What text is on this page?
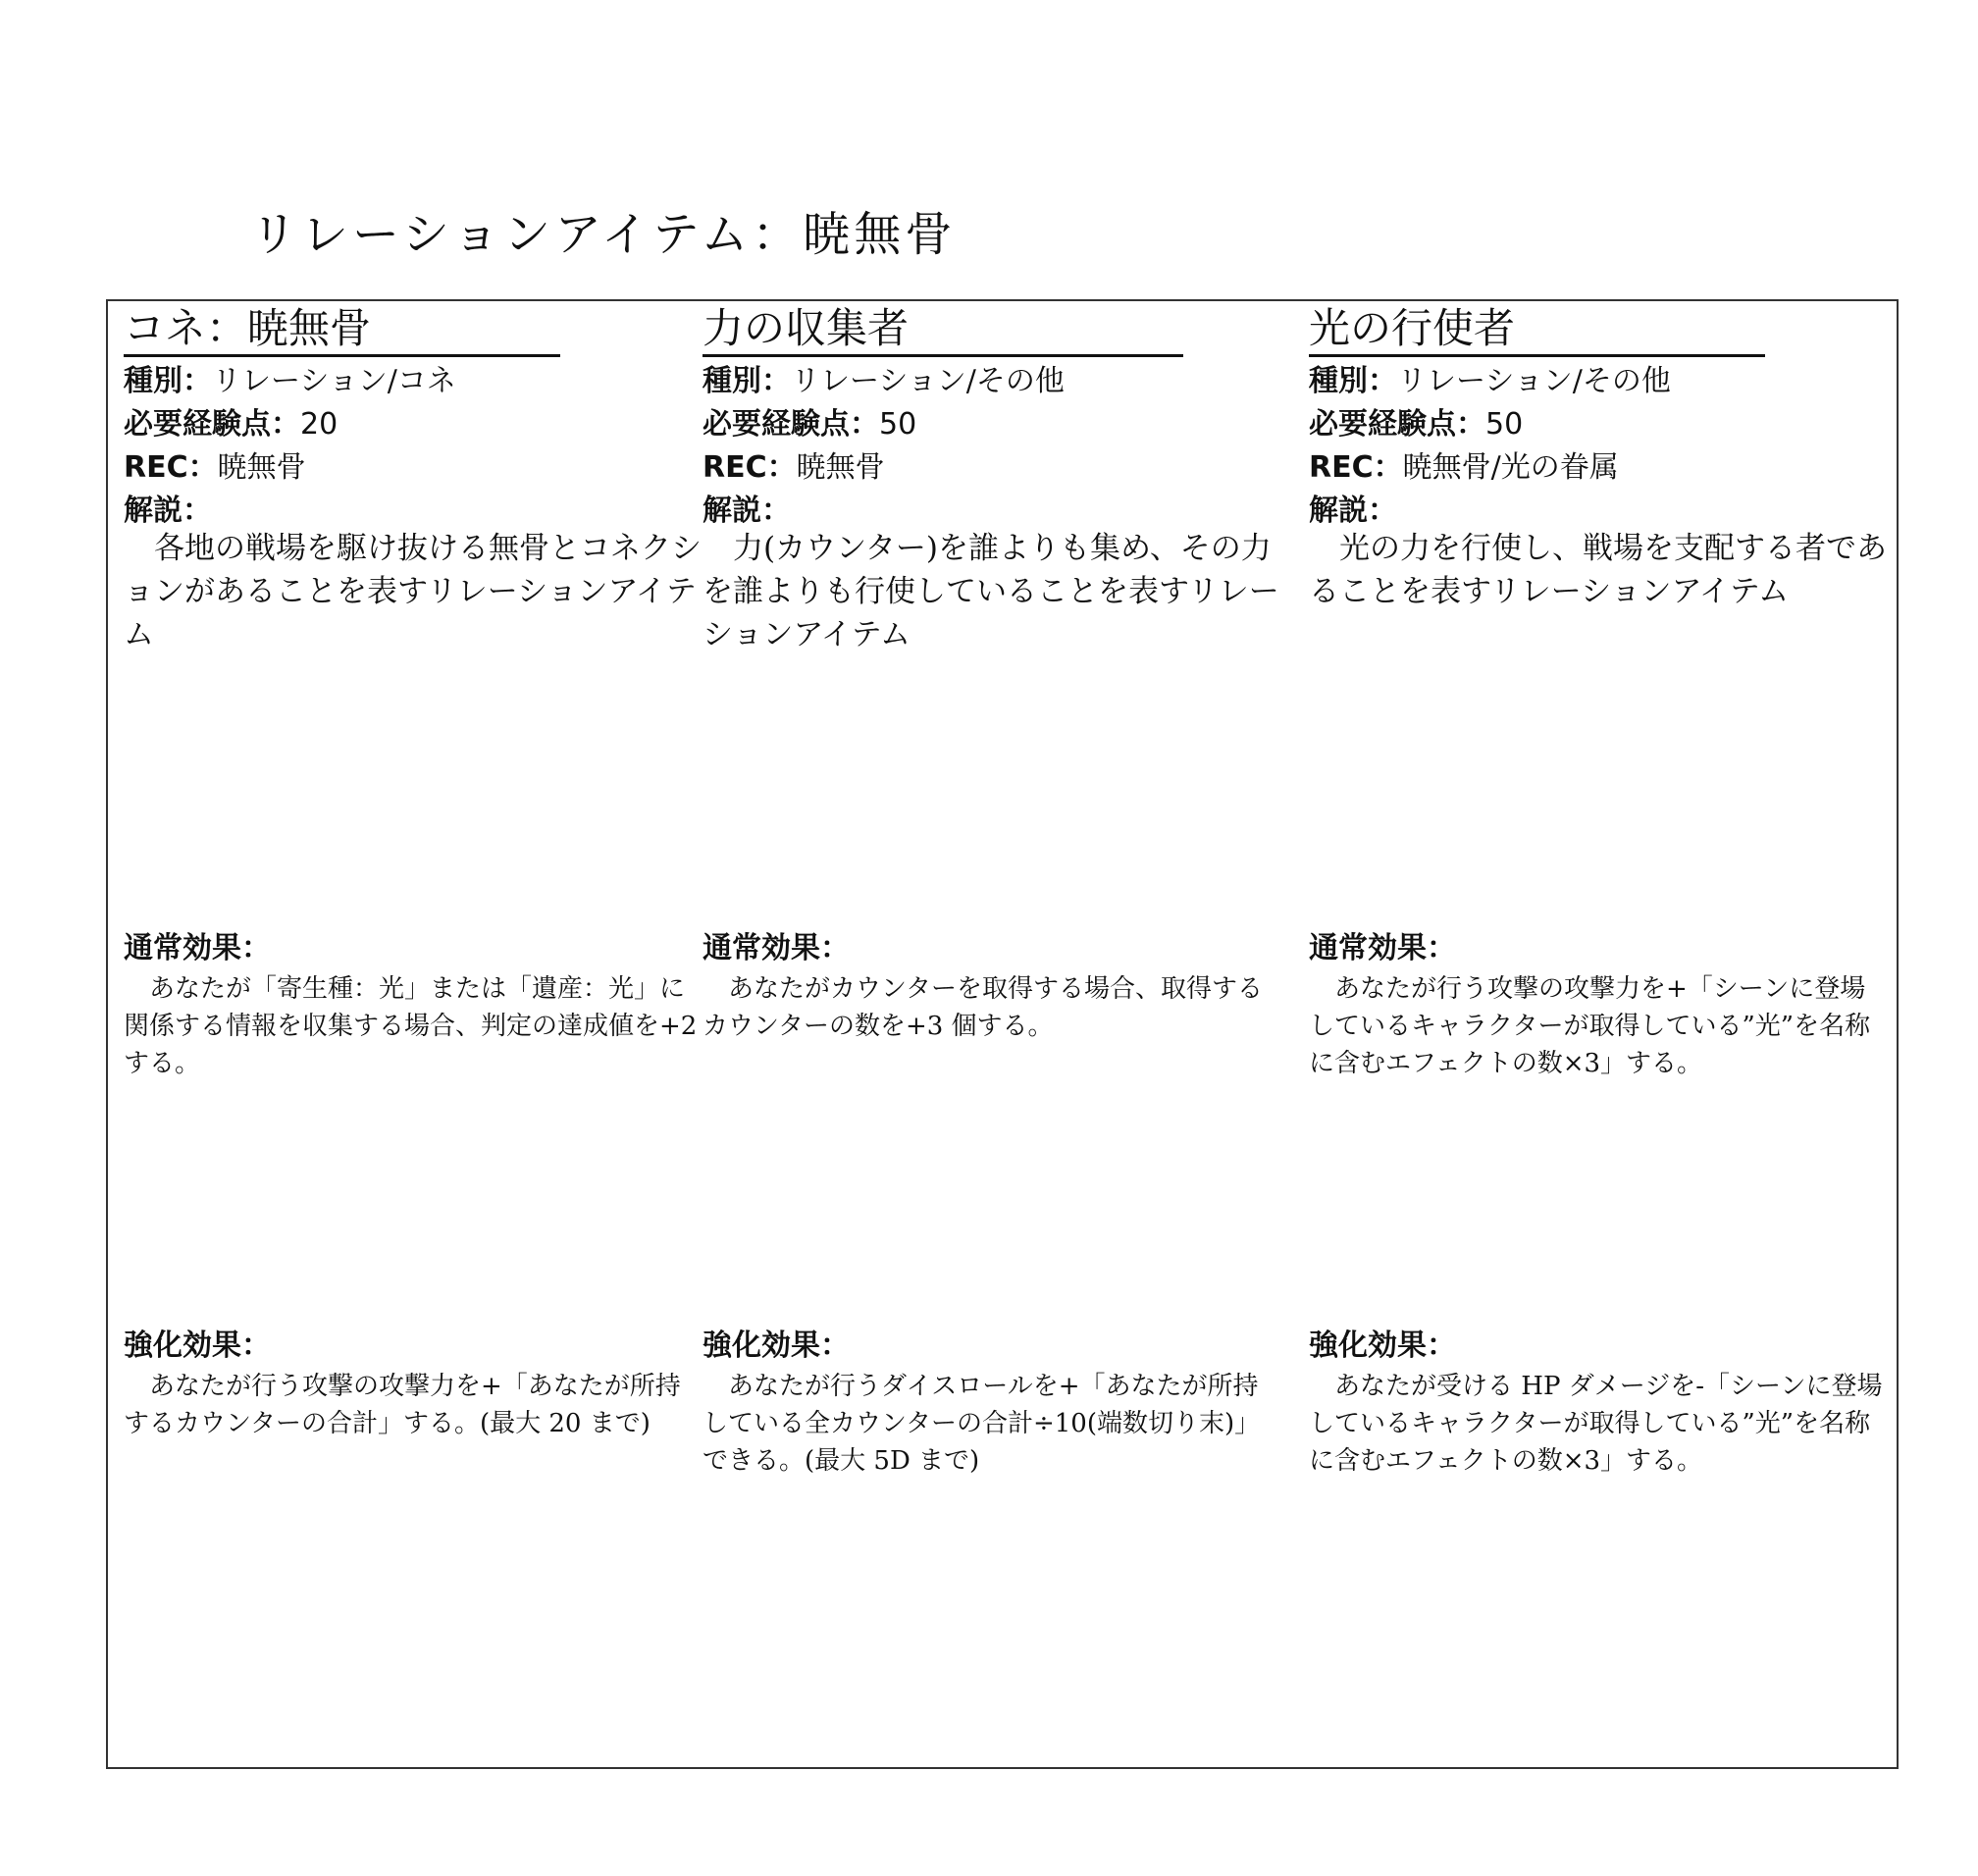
リレーションアイテム：暁無骨
コネ：暁無骨
種別：リレーション/コネ
必要経験点：20
REC：暁無骨
解説：

　各地の戦場を駆け抜ける無骨とコネクションがあることを表すリレーションアイテム

通常効果：

　あなたが「寄生種：光」または「遺産：光」に関係する情報を収集する場合、判定の達成値を+2 する。

強化効果：

　あなたが行う攻撃の攻撃力を+「あなたが所持するカウンターの合計」する。(最大 20 まで)

力の収集者
種別：リレーション/その他
必要経験点：50
REC：暁無骨
解説：

　力(カウンター)を誰よりも集め、その力を誰よりも行使していることを表すリレーションアイテム

通常効果：

　あなたがカウンターを取得する場合、取得するカウンターの数を+3 個する。

強化効果：

　あなたが行うダイスロールを+「あなたが所持している全カウンターの合計÷10(端数切り末)」できる。(最大 5D まで)

光の行使者
種別：リレーション/その他
必要経験点：50
REC：暁無骨/光の眷属
解説：

　光の力を行使し、戦場を支配する者であることを表すリレーションアイテム

通常効果：

　あなたが行う攻撃の攻撃力を+「シーンに登場しているキャラクターが取得している”光”を名称に含むエフェクトの数×3」する。

強化効果：

　あなたが受ける HP ダメージを-「シーンに登場しているキャラクターが取得している”光”を名称に含むエフェクトの数×3」する。
